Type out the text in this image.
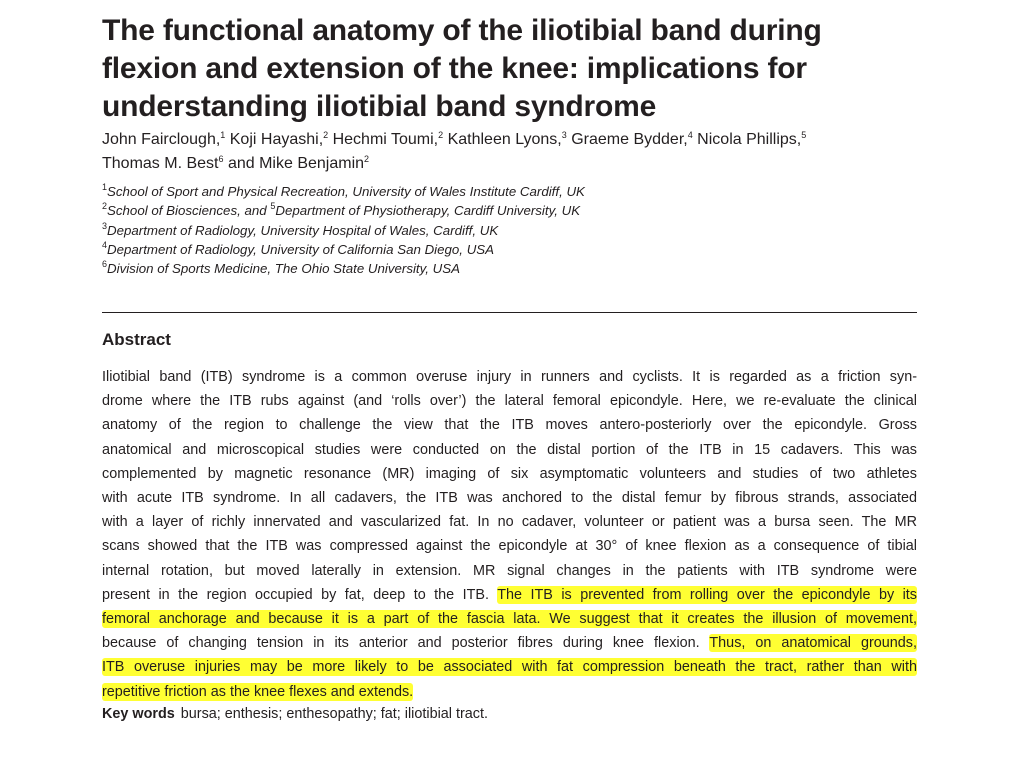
The functional anatomy of the iliotibial band during flexion and extension of the knee: implications for understanding iliotibial band syndrome
John Fairclough,$^1$ Koji Hayashi,$^2$ Hechmi Toumi,$^2$ Kathleen Lyons,$^3$ Graeme Bydder,$^4$ Nicola Phillips,$^5$
Thomas M. Best$^6$ and Mike Benjamin$^2$
$^1$School of Sport and Physical Recreation, University of Wales Institute Cardiff, UK
$^2$School of Biosciences, and $^5$Department of Physiotherapy, Cardiff University, UK
$^3$Department of Radiology, University Hospital of Wales, Cardiff, UK
$^4$Department of Radiology, University of California San Diego, USA
$^6$Division of Sports Medicine, The Ohio State University, USA
Abstract
Iliotibial band (ITB) syndrome is a common overuse injury in runners and cyclists. It is regarded as a friction syn-
drome where the ITB rubs against (and ‘rolls over’) the lateral femoral epicondyle. Here, we re-evaluate the clinical
anatomy of the region to challenge the view that the ITB moves antero-posteriorly over the epicondyle. Gross
anatomical and microscopical studies were conducted on the distal portion of the ITB in 15 cadavers. This was
complemented by magnetic resonance (MR) imaging of six asymptomatic volunteers and studies of two athletes
with acute ITB syndrome. In all cadavers, the ITB was anchored to the distal femur by fibrous strands, associated
with a layer of richly innervated and vascularized fat. In no cadaver, volunteer or patient was a bursa seen. The MR
scans showed that the ITB was compressed against the epicondyle at 30° of knee flexion as a consequence of tibial
internal rotation, but moved laterally in extension. MR signal changes in the patients with ITB syndrome were
present in the region occupied by fat, deep to the ITB. The ITB is prevented from rolling over the epicondyle by its
femoral anchorage and because it is a part of the fascia lata. We suggest that it creates the illusion of movement,
because of changing tension in its anterior and posterior fibres during knee flexion. Thus, on anatomical grounds,
ITB overuse injuries may be more likely to be associated with fat compression beneath the tract, rather than with
repetitive friction as the knee flexes and extends.
Key words bursa; enthesis; enthesopathy; fat; iliotibial tract.
